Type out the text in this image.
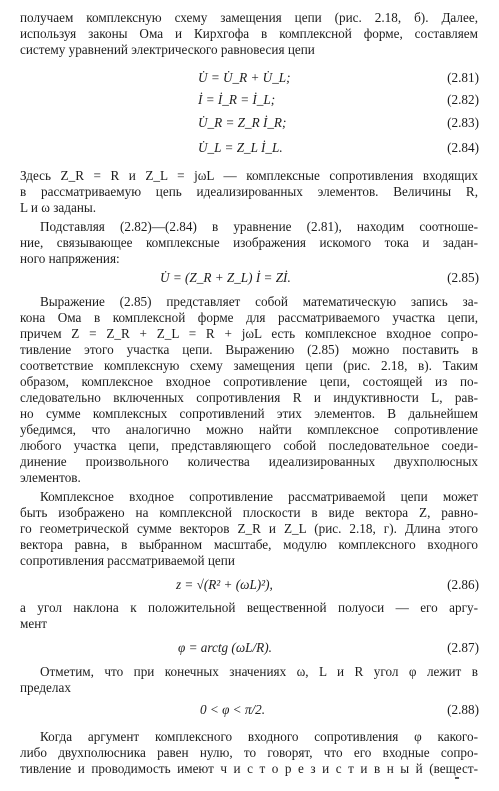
получаем комплексную схему замещения цепи (рис. 2.18, б). Далее,
используя законы Ома и Кирхгофа в комплексной форме, составляем
систему уравнений электрического равновесия цепи
U̇ = U̇_R + U̇_L;	(2.81)
İ = İ_R = İ_L;	(2.82)
U̇_R = Z_R İ_R;	(2.83)
U̇_L = Z_L İ_L.	(2.84)
Здесь Z_R = R и Z_L = jωL — комплексные сопротивления входящих
в рассматриваемую цепь идеализированных элементов. Величины R,
L и ω заданы.
Подставляя (2.82)—(2.84) в уравнение (2.81), находим соотноше-
ние, связывающее комплексные изображения искомого тока и задан-
ного напряжения:
U̇ = (Z_R + Z_L) İ = Zİ.	(2.85)
Выражение (2.85) представляет собой математическую запись за-
кона Ома в комплексной форме для рассматриваемого участка цепи,
причем Z = Z_R + Z_L = R + jωL есть комплексное входное сопро-
тивление этого участка цепи. Выражению (2.85) можно поставить в
соответствие комплексную схему замещения цепи (рис. 2.18, в). Таким
образом, комплексное входное сопротивление цепи, состоящей из по-
следовательно включенных сопротивления R и индуктивности L, рав-
но сумме комплексных сопротивлений этих элементов. В дальнейшем
убедимся, что аналогично можно найти комплексное сопротивление
любого участка цепи, представляющего собой последовательное соеди-
динение произвольного количества идеализированных двухполюсных
элементов.
Комплексное входное сопротивление рассматриваемой цепи может
быть изображено на комплексной плоскости в виде вектора Z, равно-
го геометрической сумме векторов Z_R и Z_L (рис. 2.18, г). Длина этого
вектора равна, в выбранном масштабе, модулю комплексного входного
сопротивления рассматриваемой цепи
z = √(R² + (ωL)²),	(2.86)
а угол наклона к положительной вещественной полуоси — его аргу-
мент
φ = arctg (ωL/R).	(2.87)
Отметим, что при конечных значениях ω, L и R угол φ лежит в
пределах
0 < φ < π/2.	(2.88)
Когда аргумент комплексного входного сопротивления φ какого-
либо двухполюсника равен нулю, то говорят, что его входные сопро-
тивление и проводимость имеют ч и с т о р е з и с т и в н ы й (вещест-
